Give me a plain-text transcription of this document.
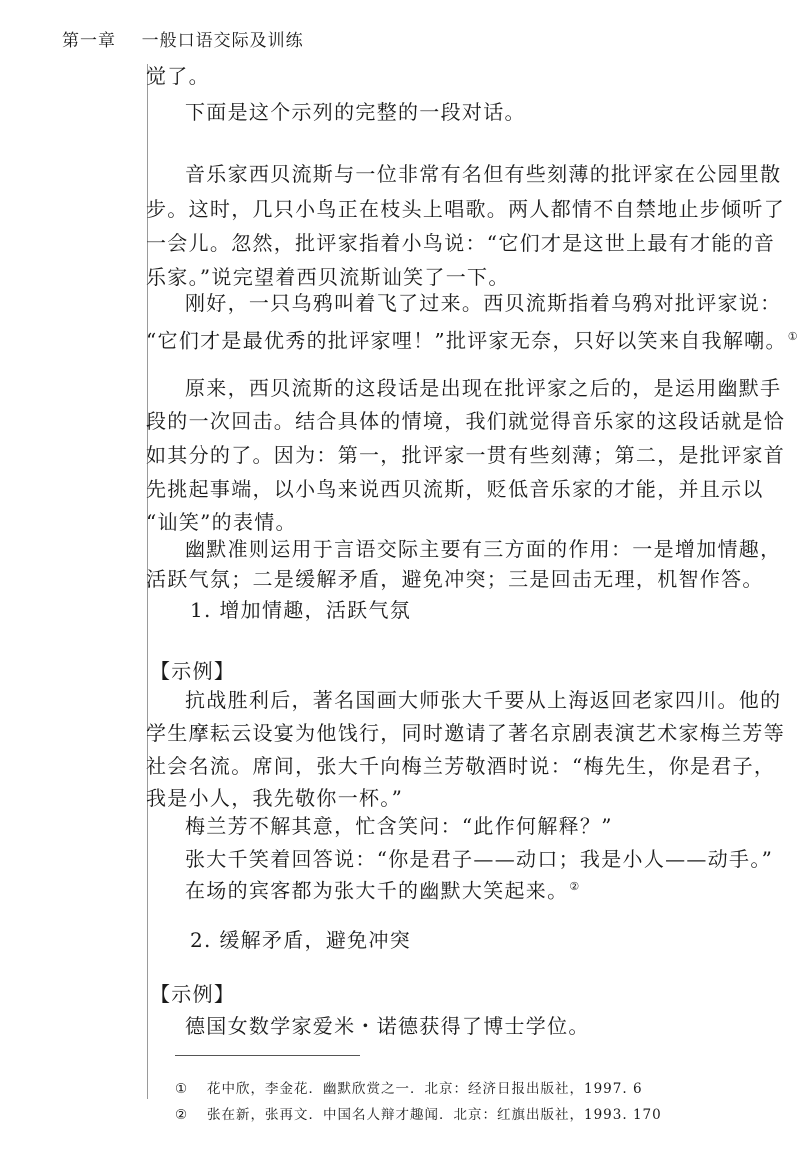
第一章 一般口语交际及训练
觉了。
下面是这个示列的完整的一段对话。
音乐家西贝流斯与一位非常有名但有些刻薄的批评家在公园里散
步。这时，几只小鸟正在枝头上唱歌。两人都情不自禁地止步倾听了
一会儿。忽然，批评家指着小鸟说：“它们才是这世上最有才能的音
乐家。”说完望着西贝流斯讪笑了一下。
刚好，一只乌鸦叫着飞了过来。西贝流斯指着乌鸦对批评家说：
“它们才是最优秀的批评家哩！”批评家无奈，只好以笑来自我解嘲。①
原来，西贝流斯的这段话是出现在批评家之后的，是运用幽默手
段的一次回击。结合具体的情境，我们就觉得音乐家的这段话就是恰
如其分的了。因为：第一，批评家一贯有些刻薄；第二，是批评家首
先挑起事端，以小鸟来说西贝流斯，贬低音乐家的才能，并且示以
“讪笑”的表情。
幽默准则运用于言语交际主要有三方面的作用：一是增加情趣，
活跃气氛；二是缓解矛盾，避免冲突；三是回击无理，机智作答。
1. 增加情趣，活跃气氛
【示例】
抗战胜利后，著名国画大师张大千要从上海返回老家四川。他的
学生摩耘云设宴为他饯行，同时邀请了著名京剧表演艺术家梅兰芳等
社会名流。席间，张大千向梅兰芳敬酒时说：“梅先生，你是君子，
我是小人，我先敬你一杯。”
梅兰芳不解其意，忙含笑问：“此作何解释？”
张大千笑着回答说：“你是君子——动口；我是小人——动手。”
在场的宾客都为张大千的幽默大笑起来。②
2. 缓解矛盾，避免冲突
【示例】
德国女数学家爱米・诺德获得了博士学位。
① 花中欣，李金花．幽默欣赏之一．北京：经济日报出版社，1997. 6
② 张在新，张再文．中国名人辩才趣闻．北京：红旗出版社，1993. 170
